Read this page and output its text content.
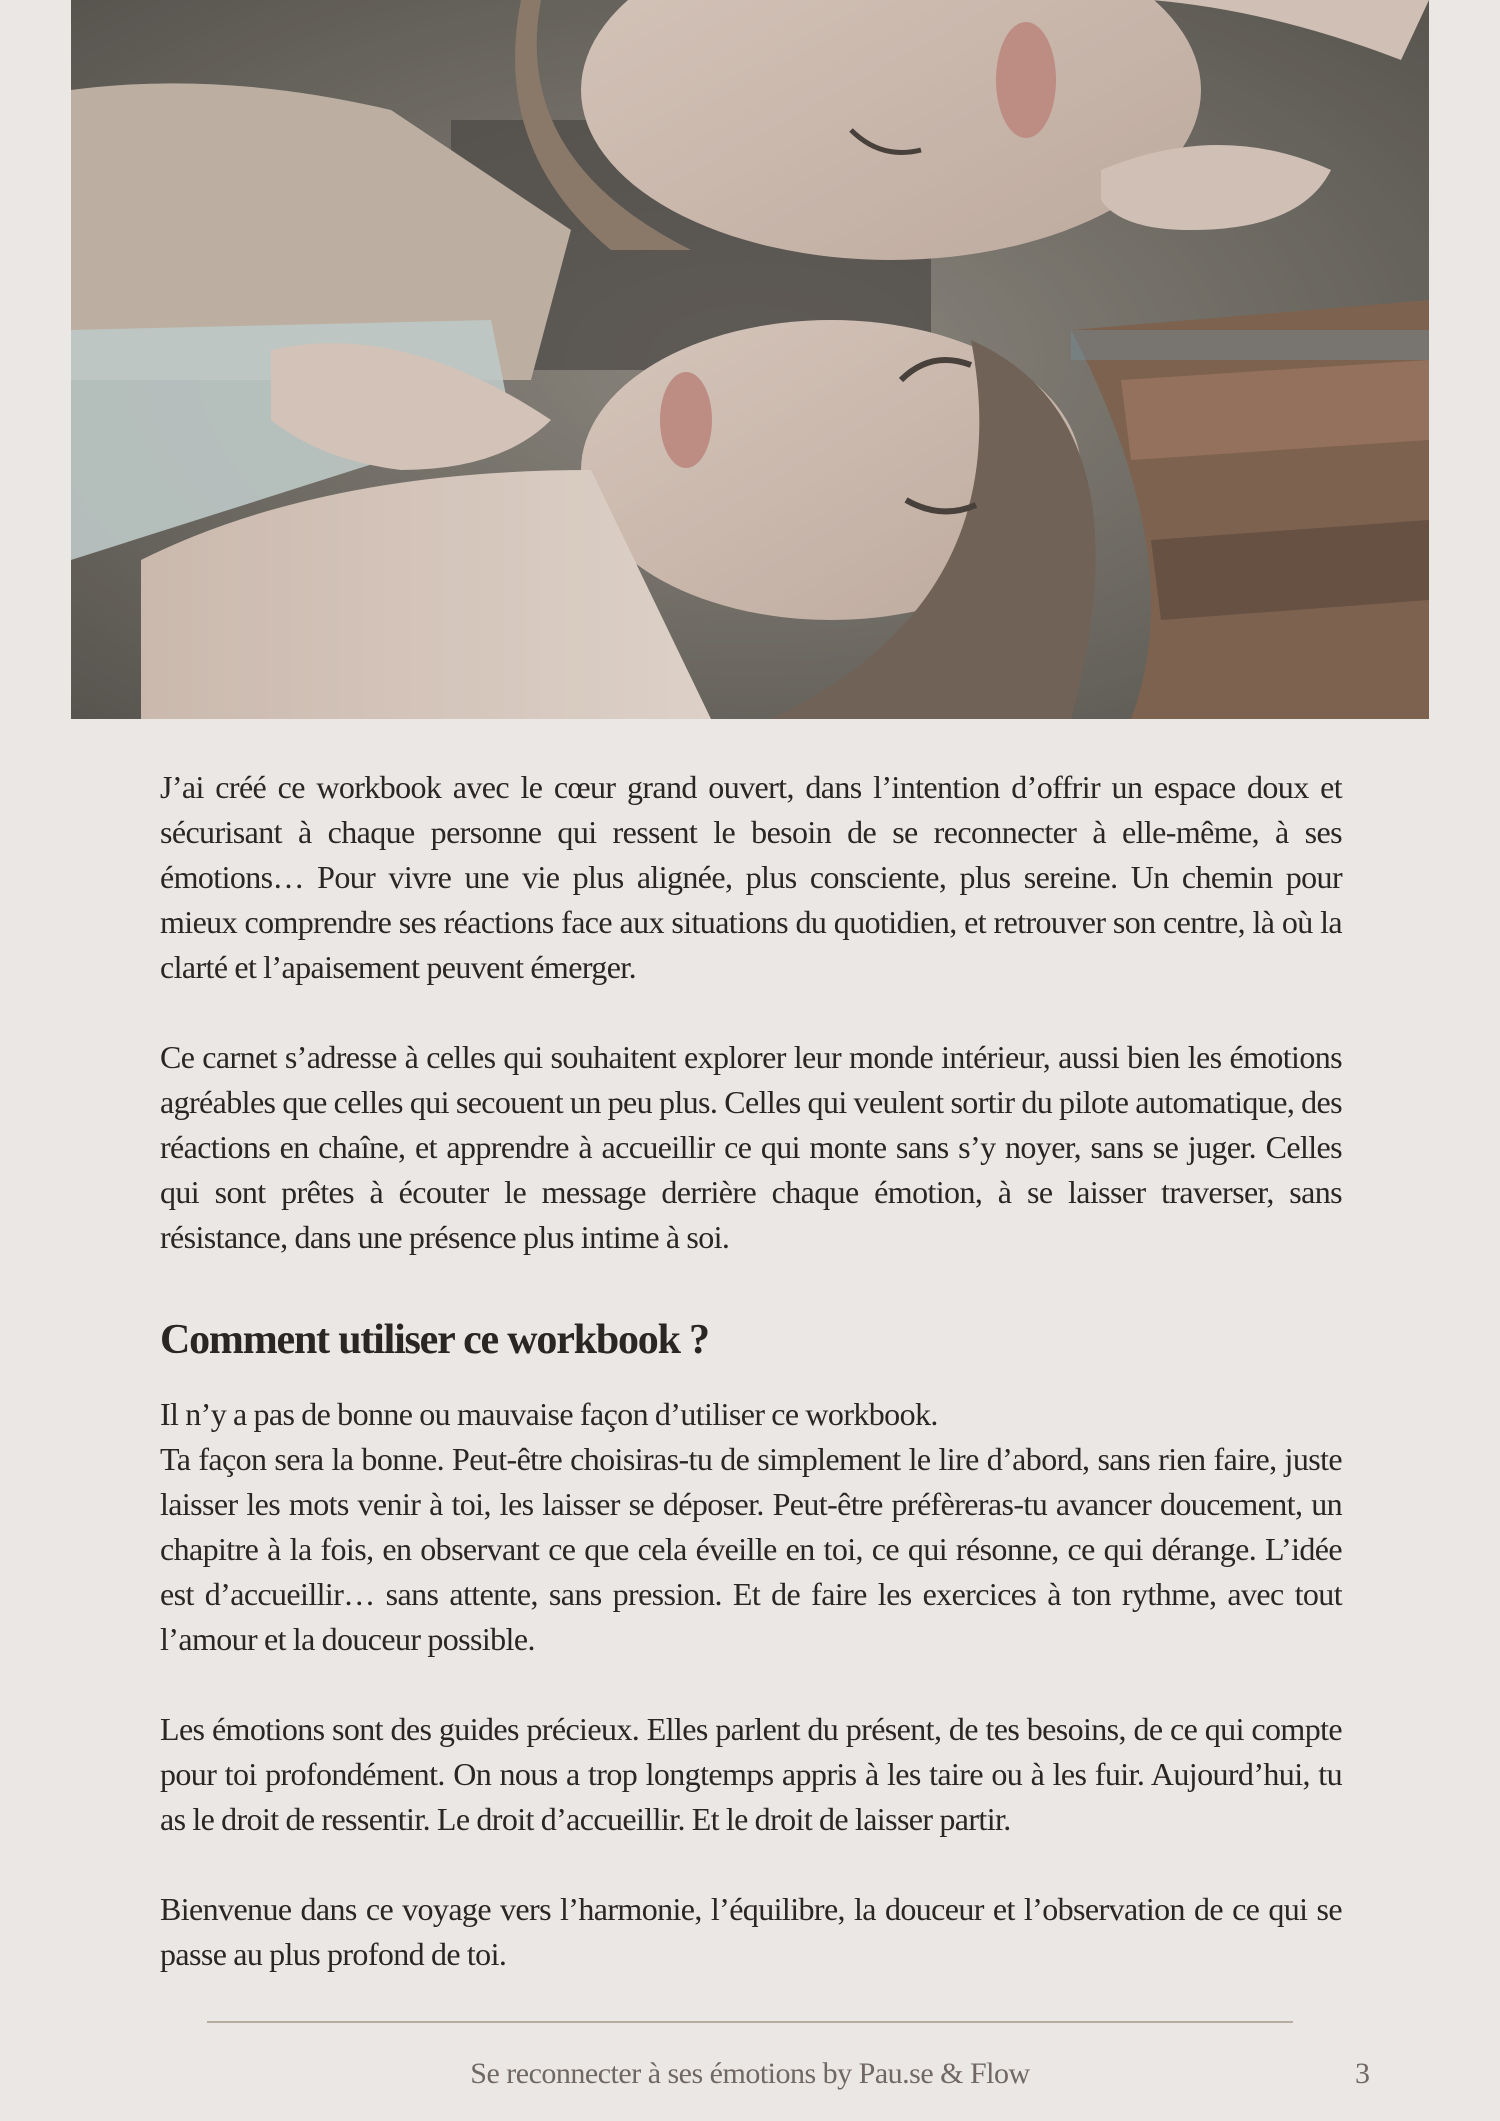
J’ai créé ce workbook avec le cœur grand ouvert, dans l’intention d’offrir un espace doux et sécurisant à chaque personne qui ressent le besoin de se reconnecter à elle-même, à ses émotions… Pour vivre une vie plus alignée, plus consciente, plus sereine. Un chemin pour mieux comprendre ses réactions face aux situations du quotidien, et retrouver son centre, là où la clarté et l’apaisement peuvent émerger.

Ce carnet s’adresse à celles qui souhaitent explorer leur monde intérieur, aussi bien les émotions agréables que celles qui secouent un peu plus. Celles qui veulent sortir du pilote automatique, des réactions en chaîne, et apprendre à accueillir ce qui monte sans s’y noyer, sans se juger. Celles qui sont prêtes à écouter le message derrière chaque émotion, à se laisser traverser, sans résistance, dans une présence plus intime à soi.

Comment utiliser ce workbook ?

Il n’y a pas de bonne ou mauvaise façon d’utiliser ce workbook.

Ta façon sera la bonne. Peut-être choisiras-tu de simplement le lire d’abord, sans rien faire, juste laisser les mots venir à toi, les laisser se déposer. Peut-être préfèreras-tu avancer doucement, un chapitre à la fois, en observant ce que cela éveille en toi, ce qui résonne, ce qui dérange. L’idée est d’accueillir… sans attente, sans pression. Et de faire les exercices à ton rythme, avec tout l’amour et la douceur possible.

Les émotions sont des guides précieux. Elles parlent du présent, de tes besoins, de ce qui compte pour toi profondément. On nous a trop longtemps appris à les taire ou à les fuir. Aujourd’hui, tu as le droit de ressentir. Le droit d’accueillir. Et le droit de laisser partir.

Bienvenue dans ce voyage vers l’harmonie, l’équilibre, la douceur et l’observation de ce qui se passe au plus profond de toi.

Se reconnecter à ses émotions by Pau.se & Flow	3
